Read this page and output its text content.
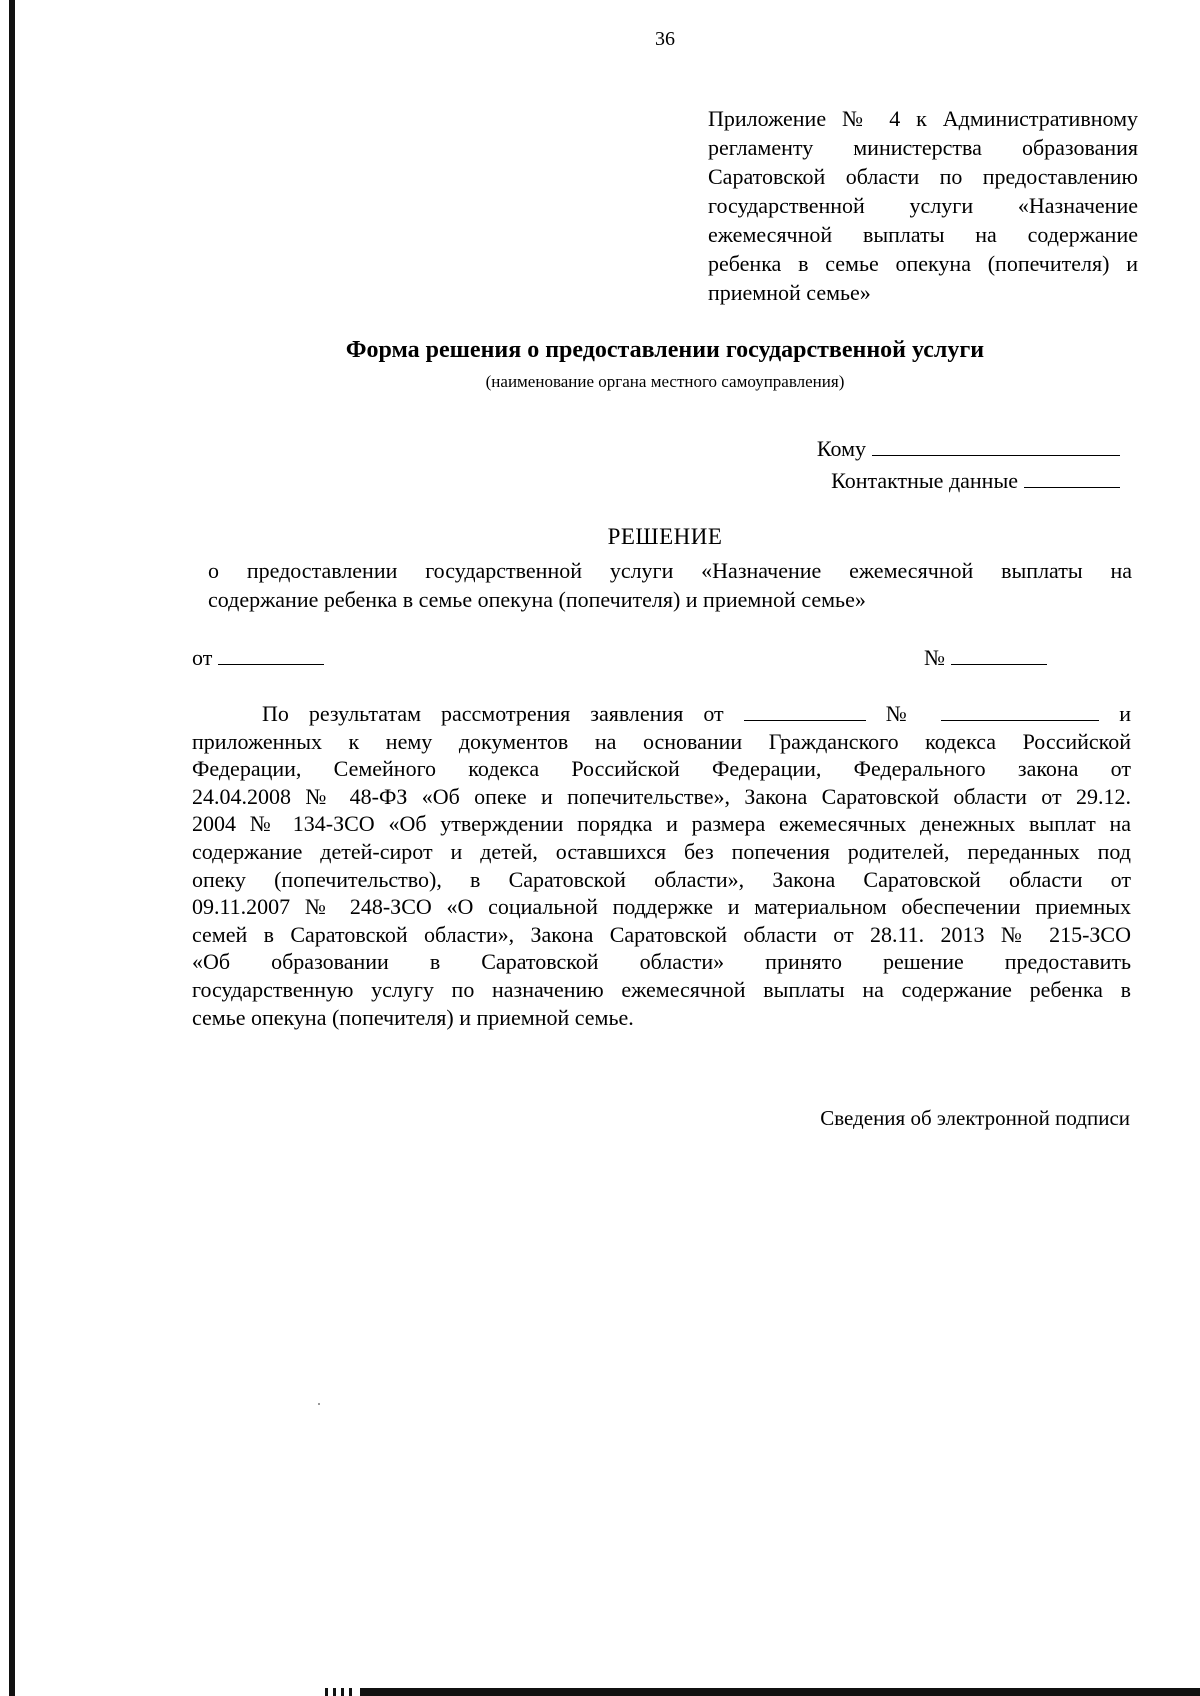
36
Приложение № 4 к Административному
регламенту министерства образования
Саратовской области по предоставлению
государственной услуги «Назначение
ежемесячной выплаты на содержание
ребенка в семье опекуна (попечителя) и
приемной семье»
Форма решения о предоставлении государственной услуги
(наименование органа местного самоуправления)
Кому
Контактные данные
РЕШЕНИЕ
о предоставлении государственной услуги «Назначение ежемесячной выплаты на
содержание ребенка в семье опекуна (попечителя) и приемной семье»
от	№
По результатам рассмотрения заявления от	№	и
приложенных к нему документов на основании Гражданского кодекса Российской
Федерации, Семейного кодекса Российской Федерации, Федерального закона от
24.04.2008 № 48-ФЗ «Об опеке и попечительстве», Закона Саратовской области от 29.12.
2004 № 134-ЗСО «Об утверждении порядка и размера ежемесячных денежных выплат на
содержание детей-сирот и детей, оставшихся без попечения родителей, переданных под
опеку (попечительство), в Саратовской области», Закона Саратовской области от
09.11.2007 № 248-ЗСО «О социальной поддержке и материальном обеспечении приемных
семей в Саратовской области», Закона Саратовской области от 28.11. 2013 № 215-ЗСО
«Об образовании в Саратовской области» принято решение предоставить
государственную услугу по назначению ежемесячной выплаты на содержание ребенка в
семье опекуна (попечителя) и приемной семье.
Сведения об электронной подписи
